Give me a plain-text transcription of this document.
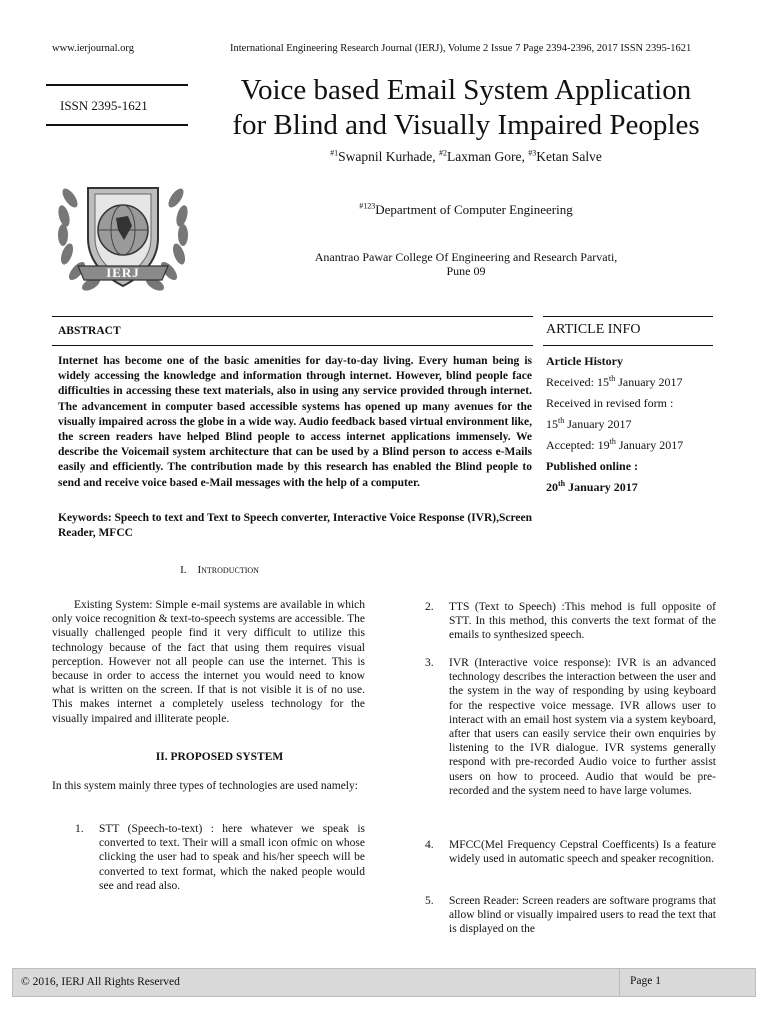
www.ierjournal.org	International Engineering Research Journal (IERJ), Volume 2 Issue 7 Page 2394-2396, 2017 ISSN 2395-1621
ISSN 2395-1621
IERJ
Voice based Email System Application
for Blind and Visually Impaired Peoples
$^{\#1}$Swapnil Kurhade, $^{\#2}$Laxman Gore, $^{\#3}$Ketan Salve
$^{\#123}$Department of Computer Engineering
Anantrao Pawar College Of Engineering and Research Parvati,
Pune 09
ABSTRACT
Internet has become one of the basic amenities for day-to-day living. Every human being is widely accessing the knowledge and information through internet. However, blind people face difficulties in accessing these text materials, also in using any service provided through internet. The advancement in computer based accessible systems has opened up many avenues for the visually impaired across the globe in a wide way. Audio feedback based virtual environment like, the screen readers have helped Blind people to access internet applications immensely. We describe the Voicemail system architecture that can be used by a Blind person to access e-Mails easily and efficiently. The contribution made by this research has enabled the Blind people to send and receive voice based e-Mail messages with the help of a computer.
Keywords: Speech to text and Text to Speech converter, Interactive Voice Response (IVR),Screen Reader, MFCC
ARTICLE INFO
Article History
Received: 15th January 2017
Received in revised form :
15th January 2017
Accepted: 19th January 2017
Published online :
20th January 2017
I. Introduction
Existing System: Simple e-mail systems are available in which only voice recognition & text-to-speech systems are accessible. The visually challenged people find it very difficult to utilize this technology because of the fact that using them requires visual perception. However not all people can use the internet. This is because in order to access the internet you would need to know what is written on the screen. If that is not visible it is of no use. This makes internet a completely useless technology for the visually impaired and illiterate people.
II. PROPOSED SYSTEM
In this system mainly three types of technologies are used namely:
1. STT (Speech-to-text) : here whatever we speak is converted to text. Their will a small icon ofmic on whose clicking the user had to speak and his/her speech will be converted to text format, which the naked people would see and read also.
2. TTS (Text to Speech) :This mehod is full opposite of STT. In this method, this converts the text format of the emails to synthesized speech.
3. IVR (Interactive voice response): IVR is an advanced technology describes the interaction between the user and the system in the way of responding by using keyboard for the respective voice message. IVR allows user to interact with an email host system via a system keyboard, after that users can easily service their own enquiries by listening to the IVR dialogue. IVR systems generally respond with pre-recorded Audio voice to further assist users on how to proceed. Audio that would be pre-recorded and the system need to have large volumes.
4. MFCC(Mel Frequency Cepstral Coefficents) Is a feature widely used in automatic speech and speaker recognition.
5. Screen Reader: Screen readers are software programs that allow blind or visually impaired users to read the text that is displayed on the
© 2016, IERJ All Rights Reserved	Page 1
